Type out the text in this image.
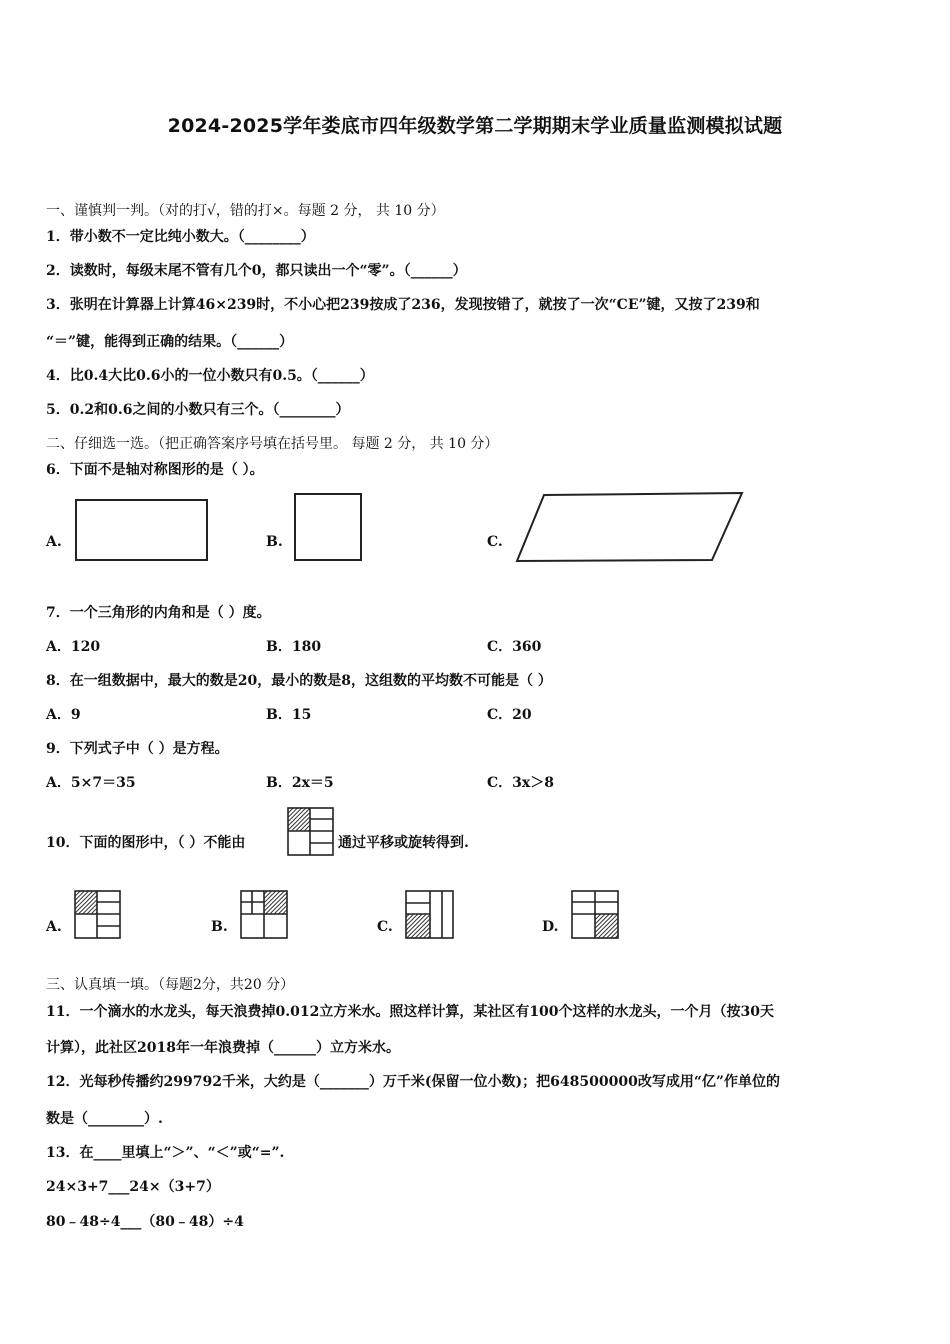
2024-2025学年娄底市四年级数学第二学期期末学业质量监测模拟试题
一、谨慎判一判。（对的打√，错的打×。每题 2 分， 共 10 分）
1．带小数不一定比纯小数大。（________）
2．读数时，每级末尾不管有几个0，都只读出一个“零”。（______）
3．张明在计算器上计算46×239时，不小心把239按成了236，发现按错了，就按了一次“CE”键，又按了239和
“＝”键，能得到正确的结果。（______）
4．比0.4大比0.6小的一位小数只有0.5。（______）
5．0.2和0.6之间的小数只有三个。（________）
二、仔细选一选。（把正确答案序号填在括号里。 每题 2 分， 共 10 分）
6．下面不是轴对称图形的是（ ）。
A.	B.	C.
7．一个三角形的内角和是（ ）度。
A．120	B．180	C．360
8．在一组数据中，最大的数是20，最小的数是8，这组数的平均数不可能是（ ）
A．9	B．15	C．20
9．下列式子中（ ）是方程。
A．5×7＝35	B．2x＝5	C．3x＞8
10．下面的图形中，（ ）不能由	通过平移或旋转得到.
A.	B.	C.	D.
三、认真填一填。（每题2分，共20 分）
11．一个滴水的水龙头，每天浪费掉0.012立方米水。照这样计算，某社区有100个这样的水龙头，一个月（按30天
计算），此社区2018年一年浪费掉（______）立方米水。
12．光每秒传播约299792千米，大约是（_______）万千米(保留一位小数)；把648500000改写成用“亿”作单位的
数是（________）.
13．在____里填上“＞”、“＜”或“=”.
24×3+7___24×（3+7）
80﹣48÷4___（80﹣48）÷4
